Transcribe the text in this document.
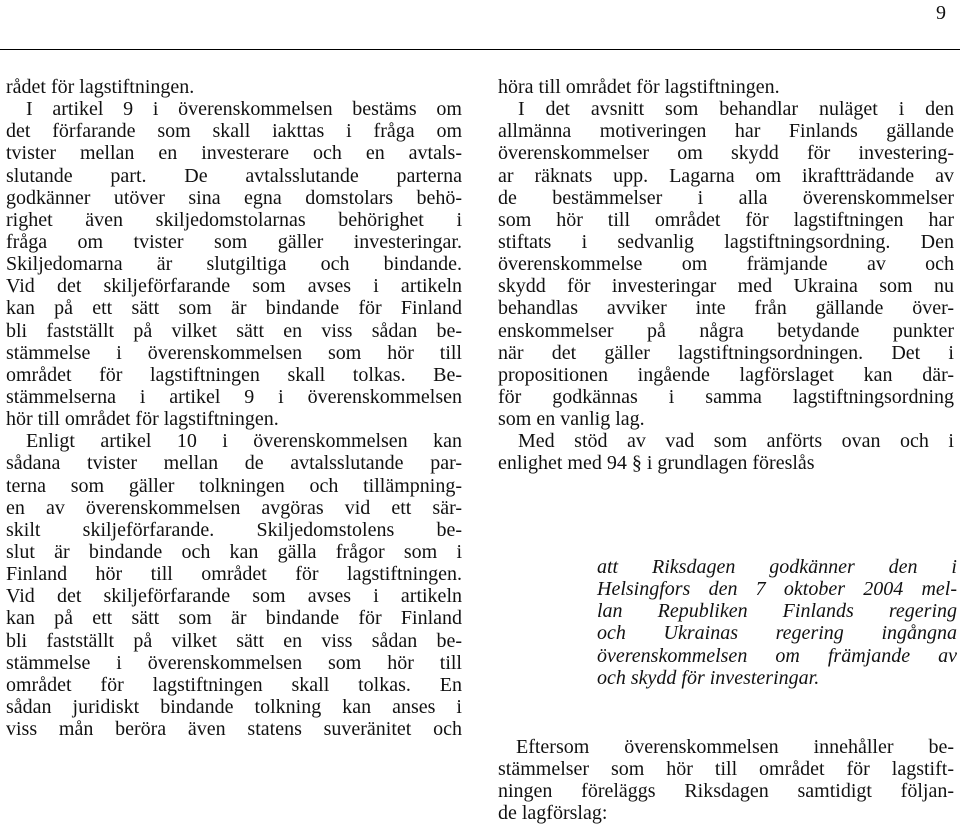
9
rådet för lagstiftningen.
I artikel 9 i överenskommelsen bestäms om
det förfarande som skall iakttas i fråga om
tvister mellan en investerare och en avtals-
slutande part. De avtalsslutande parterna
godkänner utöver sina egna domstolars behö-
righet även skiljedomstolarnas behörighet i
fråga om tvister som gäller investeringar.
Skiljedomarna är slutgiltiga och bindande.
Vid det skiljeförfarande som avses i artikeln
kan på ett sätt som är bindande för Finland
bli fastställt på vilket sätt en viss sådan be-
stämmelse i överenskommelsen som hör till
området för lagstiftningen skall tolkas. Be-
stämmelserna i artikel 9 i överenskommelsen
hör till området för lagstiftningen.
Enligt artikel 10 i överenskommelsen kan
sådana tvister mellan de avtalsslutande par-
terna som gäller tolkningen och tillämpning-
en av överenskommelsen avgöras vid ett sär-
skilt skiljeförfarande. Skiljedomstolens be-
slut är bindande och kan gälla frågor som i
Finland hör till området för lagstiftningen.
Vid det skiljeförfarande som avses i artikeln
kan på ett sätt som är bindande för Finland
bli fastställt på vilket sätt en viss sådan be-
stämmelse i överenskommelsen som hör till
området för lagstiftningen skall tolkas. En
sådan juridiskt bindande tolkning kan anses i
viss mån beröra även statens suveränitet och
höra till området för lagstiftningen.
I det avsnitt som behandlar nuläget i den
allmänna motiveringen har Finlands gällande
överenskommelser om skydd för investering-
ar räknats upp. Lagarna om ikraftträdande av
de bestämmelser i alla överenskommelser
som hör till området för lagstiftningen har
stiftats i sedvanlig lagstiftningsordning. Den
överenskommelse om främjande av och
skydd för investeringar med Ukraina som nu
behandlas avviker inte från gällande över-
enskommelser på några betydande punkter
när det gäller lagstiftningsordningen. Det i
propositionen ingående lagförslaget kan där-
för godkännas i samma lagstiftningsordning
som en vanlig lag.
Med stöd av vad som anförts ovan och i
enlighet med 94 § i grundlagen föreslås
att Riksdagen godkänner den i
Helsingfors den 7 oktober 2004 mel-
lan Republiken Finlands regering
och Ukrainas regering ingångna
överenskommelsen om främjande av
och skydd för investeringar.
Eftersom överenskommelsen innehåller be-
stämmelser som hör till området för lagstift-
ningen föreläggs Riksdagen samtidigt följan-
de lagförslag:
